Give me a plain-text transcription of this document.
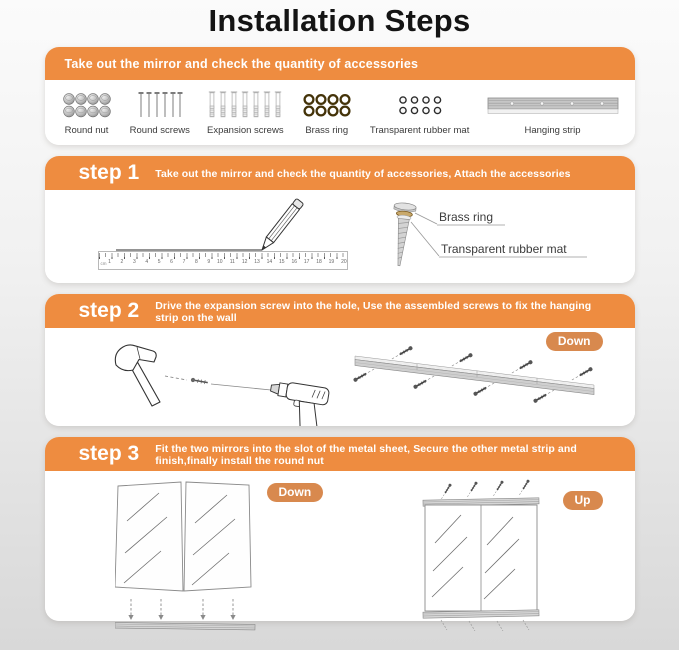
Installation Steps
Take out the mirror and check the quantity of accessories
Round nut Round screws Expansion screws Brass ring Transparent rubber mat	Hanging strip
step 1 Take out the mirror and check the quantity of accessories, Attach the accessories
1	2	3	4	5	6	7	8	9	10	11	12	13	14	15	16	17	18	19	20
cm
Brass ring
Transparent rubber mat
step 2 Drive the expansion screw into the hole, Use the assembled screws to fix the hanging strip on the wall
Down
step 3 Fit the two mirrors into the slot of the metal sheet, Secure the other metal strip and finish,finally install the round nut
Down
Up
